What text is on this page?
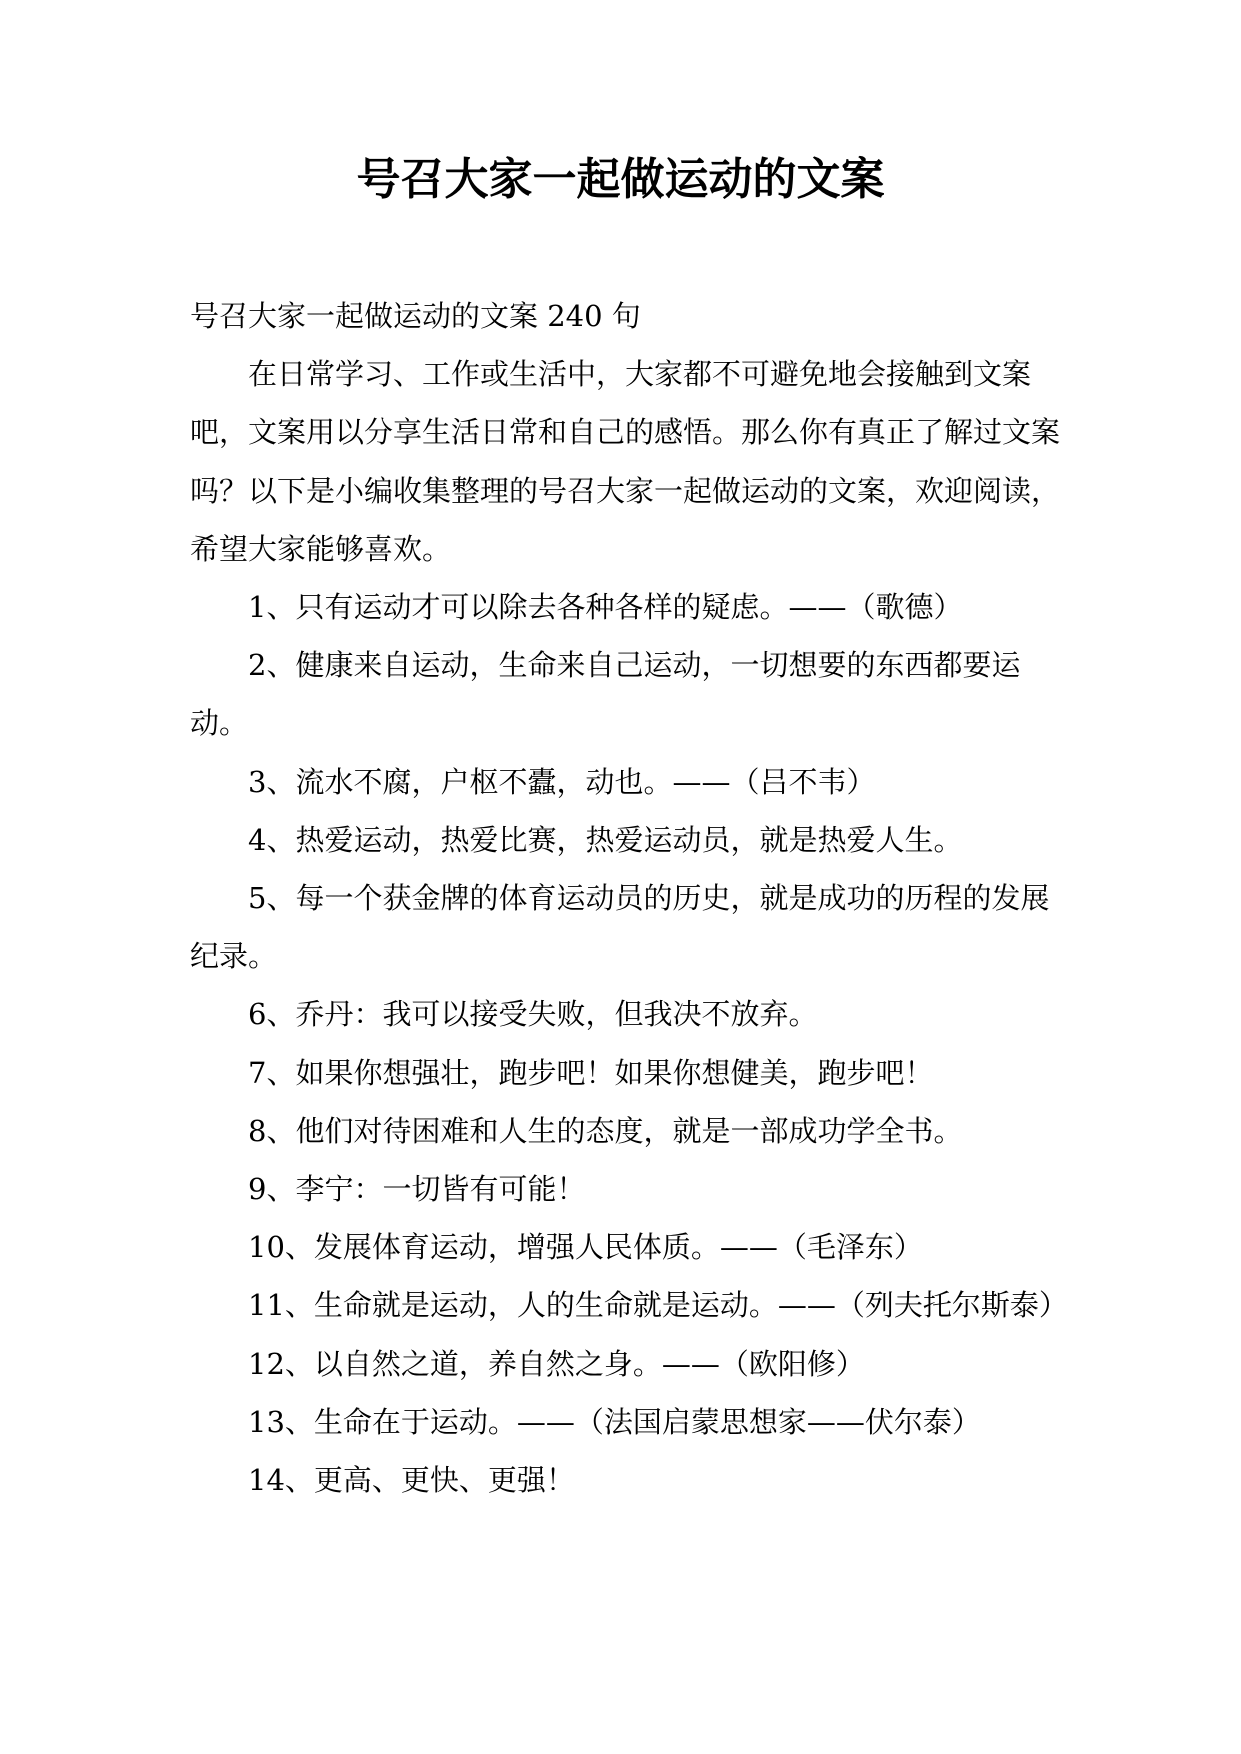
号召大家一起做运动的文案

号召大家一起做运动的文案 240 句

在日常学习、工作或生活中，大家都不可避免地会接触到文案吧，文案用以分享生活日常和自己的感悟。那么你有真正了解过文案吗？以下是小编收集整理的号召大家一起做运动的文案，欢迎阅读，希望大家能够喜欢。

1、只有运动才可以除去各种各样的疑虑。——（歌德）

2、健康来自运动，生命来自己运动，一切想要的东西都要运动。

3、流水不腐，户枢不蠹，动也。——（吕不韦）

4、热爱运动，热爱比赛，热爱运动员，就是热爱人生。

5、每一个获金牌的体育运动员的历史，就是成功的历程的发展纪录。

6、乔丹：我可以接受失败，但我决不放弃。

7、如果你想强壮，跑步吧！如果你想健美，跑步吧！

8、他们对待困难和人生的态度，就是一部成功学全书。

9、李宁：一切皆有可能！

10、发展体育运动，增强人民体质。——（毛泽东）

11、生命就是运动，人的生命就是运动。——（列夫托尔斯泰）

12、以自然之道，养自然之身。——（欧阳修）

13、生命在于运动。——（法国启蒙思想家——伏尔泰）

14、更高、更快、更强！
